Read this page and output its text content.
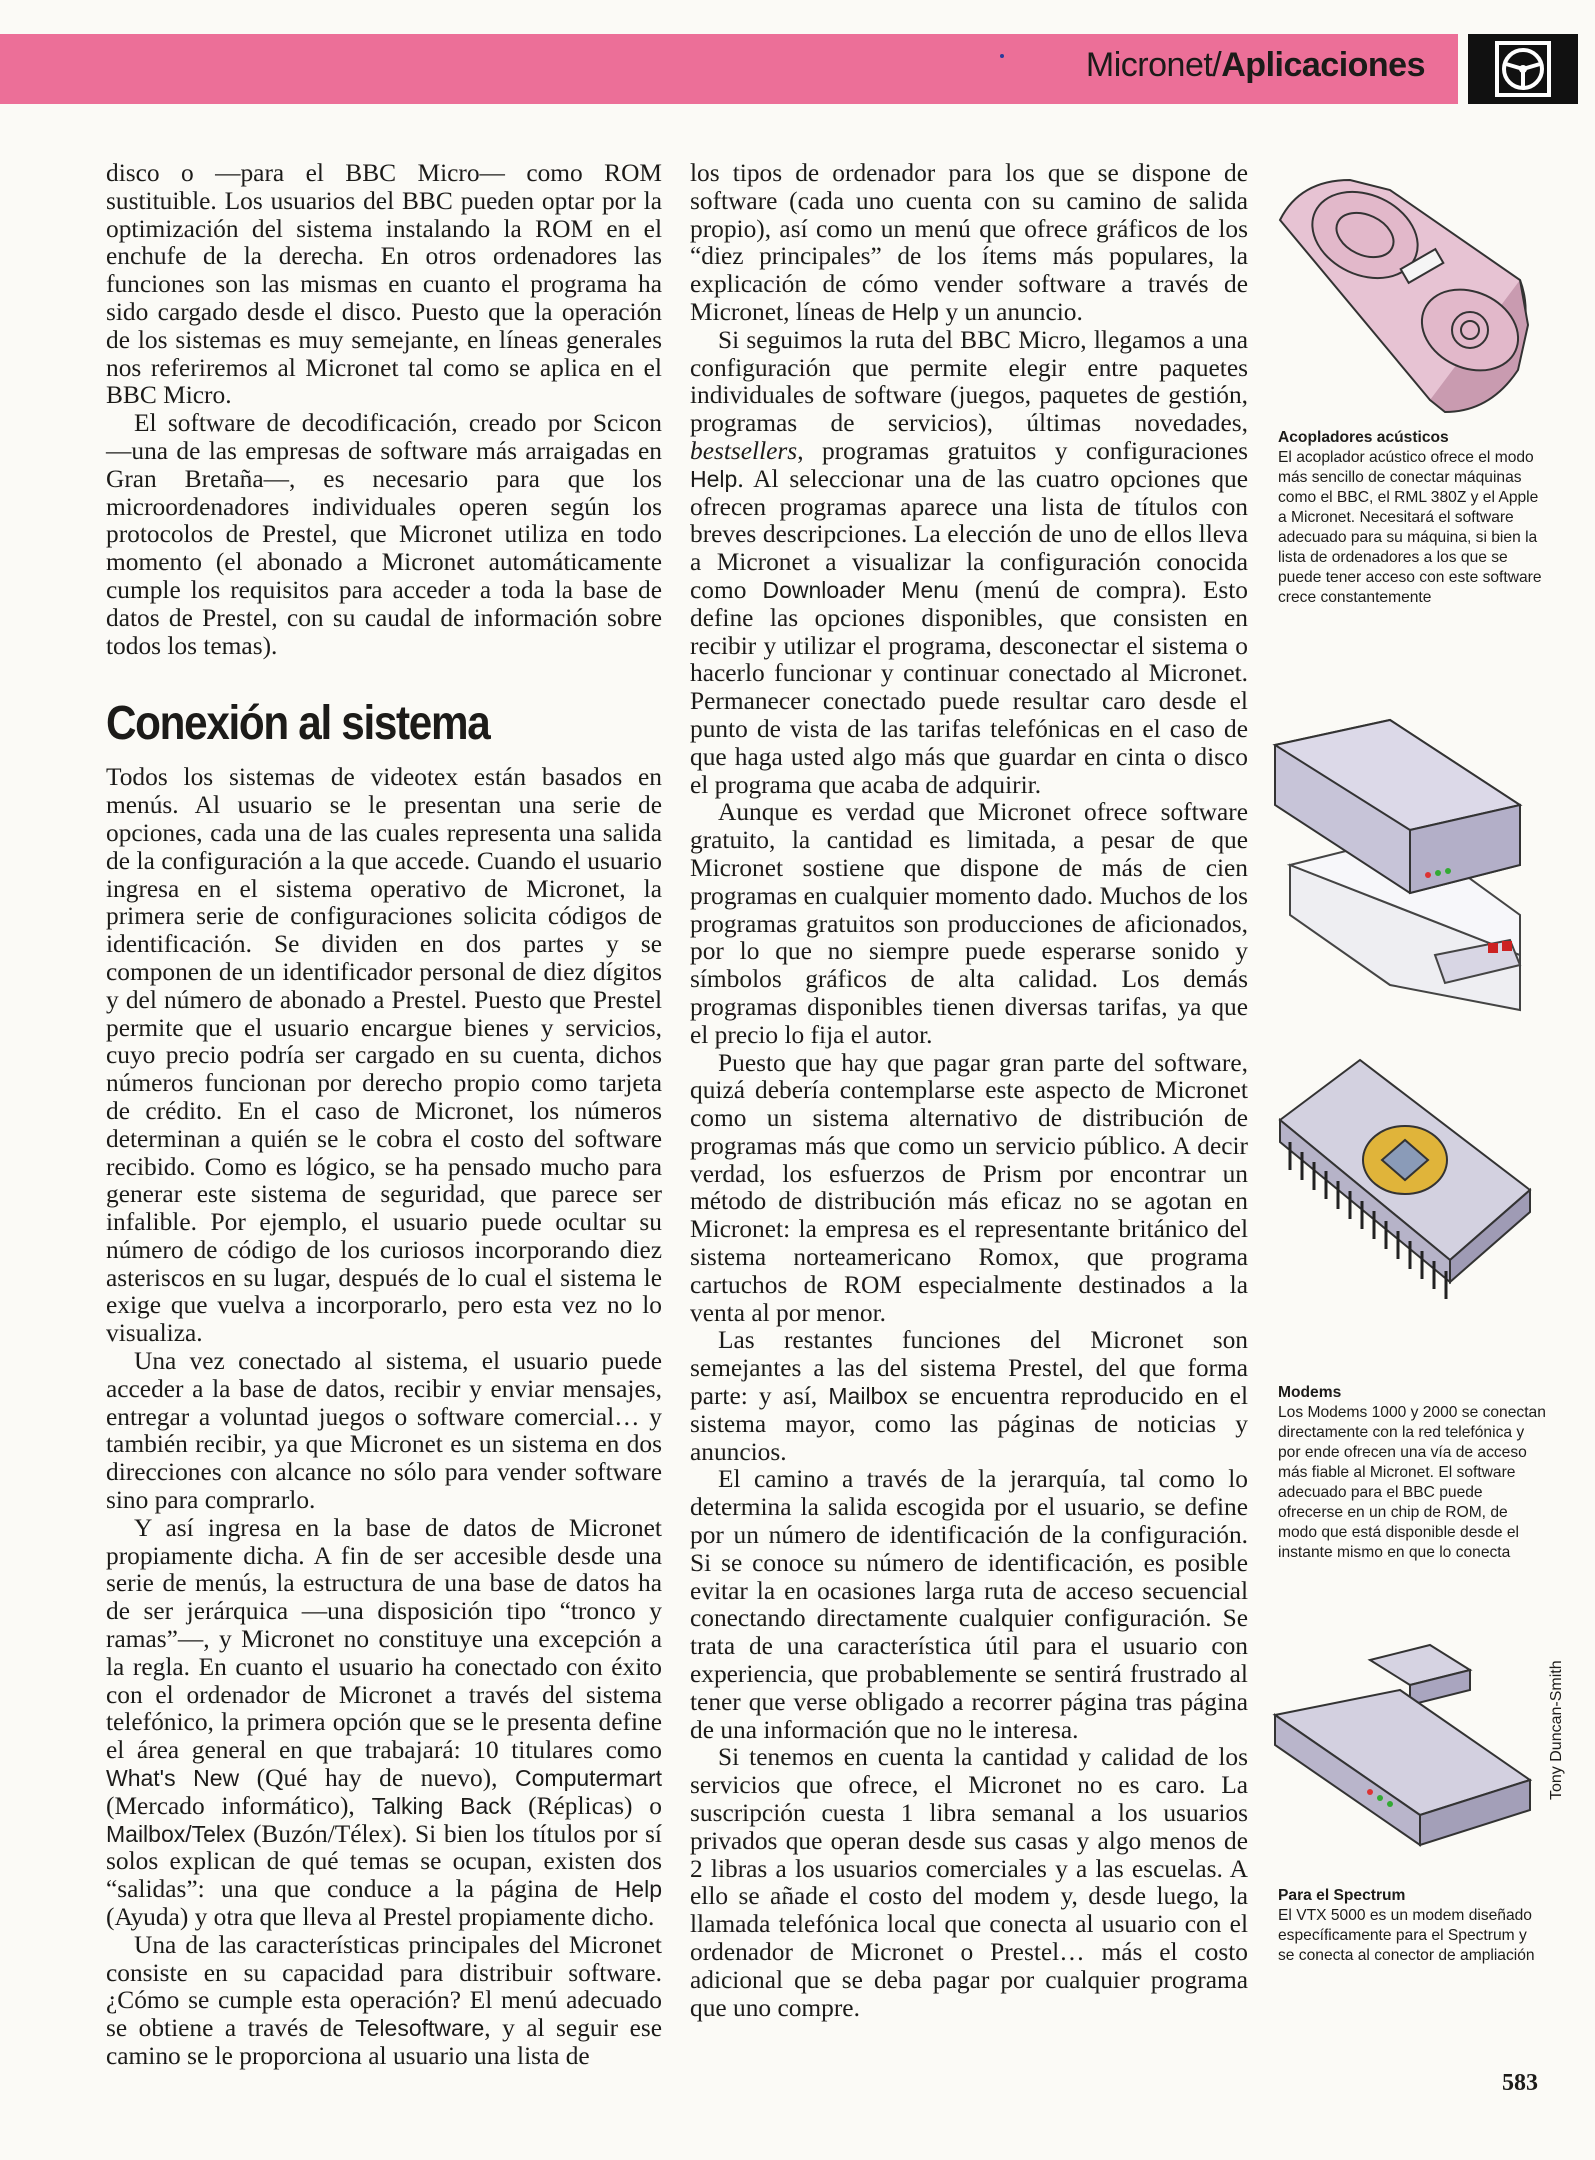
Micronet/Aplicaciones

disco o —para el BBC Micro— como ROM sustituible. Los usuarios del BBC pueden optar por la optimización del sistema instalando la ROM en el enchufe de la derecha. En otros ordenadores las funciones son las mismas en cuanto el programa ha sido cargado desde el disco. Puesto que la operación de los sistemas es muy semejante, en líneas generales nos referiremos al Micronet tal como se aplica en el BBC Micro.

El software de decodificación, creado por Scicon —una de las empresas de software más arraigadas en Gran Bretaña—, es necesario para que los microordenadores individuales operen según los protocolos de Prestel, que Micronet utiliza en todo momento (el abonado a Micronet automáticamente cumple los requisitos para acceder a toda la base de datos de Prestel, con su caudal de información sobre todos los temas).

Conexión al sistema

Todos los sistemas de videotex están basados en menús. Al usuario se le presentan una serie de opciones, cada una de las cuales representa una salida de la configuración a la que accede. Cuando el usuario ingresa en el sistema operativo de Micronet, la primera serie de configuraciones solicita códigos de identificación. Se dividen en dos partes y se componen de un identificador personal de diez dígitos y del número de abonado a Prestel. Puesto que Prestel permite que el usuario encargue bienes y servicios, cuyo precio podría ser cargado en su cuenta, dichos números funcionan por derecho propio como tarjeta de crédito. En el caso de Micronet, los números determinan a quién se le cobra el costo del software recibido. Como es lógico, se ha pensado mucho para generar este sistema de seguridad, que parece ser infalible. Por ejemplo, el usuario puede ocultar su número de código de los curiosos incorporando diez asteriscos en su lugar, después de lo cual el sistema le exige que vuelva a incorporarlo, pero esta vez no lo visualiza.

Una vez conectado al sistema, el usuario puede acceder a la base de datos, recibir y enviar mensajes, entregar a voluntad juegos o software comercial… y también recibir, ya que Micronet es un sistema en dos direcciones con alcance no sólo para vender software sino para comprarlo.

Y así ingresa en la base de datos de Micronet propiamente dicha. A fin de ser accesible desde una serie de menús, la estructura de una base de datos ha de ser jerárquica —una disposición tipo “tronco y ramas”—, y Micronet no constituye una excepción a la regla. En cuanto el usuario ha conectado con éxito con el ordenador de Micronet a través del sistema telefónico, la primera opción que se le presenta define el área general en que trabajará: 10 titulares como What's New (Qué hay de nuevo), Computermart (Mercado informático), Talking Back (Réplicas) o Mailbox/Telex (Buzón/Télex). Si bien los títulos por sí solos explican de qué temas se ocupan, existen dos “salidas”: una que conduce a la página de Help (Ayuda) y otra que lleva al Prestel propiamente dicho.

Una de las características principales del Micronet consiste en su capacidad para distribuir software. ¿Cómo se cumple esta operación? El menú adecuado se obtiene a través de Telesoftware, y al seguir ese camino se le proporciona al usuario una lista de

los tipos de ordenador para los que se dispone de software (cada uno cuenta con su camino de salida propio), así como un menú que ofrece gráficos de los “diez principales” de los ítems más populares, la explicación de cómo vender software a través de Micronet, líneas de Help y un anuncio.

Si seguimos la ruta del BBC Micro, llegamos a una configuración que permite elegir entre paquetes individuales de software (juegos, paquetes de gestión, programas de servicios), últimas novedades, bestsellers, programas gratuitos y configuraciones Help. Al seleccionar una de las cuatro opciones que ofrecen programas aparece una lista de títulos con breves descripciones. La elección de uno de ellos lleva a Micronet a visualizar la configuración conocida como Downloader Menu (menú de compra). Esto define las opciones disponibles, que consisten en recibir y utilizar el programa, desconectar el sistema o hacerlo funcionar y continuar conectado al Micronet. Permanecer conectado puede resultar caro desde el punto de vista de las tarifas telefónicas en el caso de que haga usted algo más que guardar en cinta o disco el programa que acaba de adquirir.

Aunque es verdad que Micronet ofrece software gratuito, la cantidad es limitada, a pesar de que Micronet sostiene que dispone de más de cien programas en cualquier momento dado. Muchos de los programas gratuitos son producciones de aficionados, por lo que no siempre puede esperarse sonido y símbolos gráficos de alta calidad. Los demás programas disponibles tienen diversas tarifas, ya que el precio lo fija el autor.

Puesto que hay que pagar gran parte del software, quizá debería contemplarse este aspecto de Micronet como un sistema alternativo de distribución de programas más que como un servicio público. A decir verdad, los esfuerzos de Prism por encontrar un método de distribución más eficaz no se agotan en Micronet: la empresa es el representante británico del sistema norteamericano Romox, que programa cartuchos de ROM especialmente destinados a la venta al por menor.

Las restantes funciones del Micronet son semejantes a las del sistema Prestel, del que forma parte: y así, Mailbox se encuentra reproducido en el sistema mayor, como las páginas de noticias y anuncios.

El camino a través de la jerarquía, tal como lo determina la salida escogida por el usuario, se define por un número de identificación de la configuración. Si se conoce su número de identificación, es posible evitar la en ocasiones larga ruta de acceso secuencial conectando directamente cualquier configuración. Se trata de una característica útil para el usuario con experiencia, que probablemente se sentirá frustrado al tener que verse obligado a recorrer página tras página de una información que no le interesa.

Si tenemos en cuenta la cantidad y calidad de los servicios que ofrece, el Micronet no es caro. La suscripción cuesta 1 libra semanal a los usuarios privados que operan desde sus casas y algo menos de 2 libras a los usuarios comerciales y a las escuelas. A ello se añade el costo del modem y, desde luego, la llamada telefónica local que conecta al usuario con el ordenador de Micronet o Prestel… más el costo adicional que se deba pagar por cualquier programa que uno compre.

Acopladores acústicos
El acoplador acústico ofrece el modo más sencillo de conectar máquinas como el BBC, el RML 380Z y el Apple a Micronet. Necesitará el software adecuado para su máquina, si bien la lista de ordenadores a los que se puede tener acceso con este software crece constantemente
Modems
Los Modems 1000 y 2000 se conectan directamente con la red telefónica y por ende ofrecen una vía de acceso más fiable al Micronet. El software adecuado para el BBC puede ofrecerse en un chip de ROM, de modo que está disponible desde el instante mismo en que lo conecta
Para el Spectrum
El VTX 5000 es un modem diseñado específicamente para el Spectrum y se conecta al conector de ampliación
Tony Duncan-Smith
583
